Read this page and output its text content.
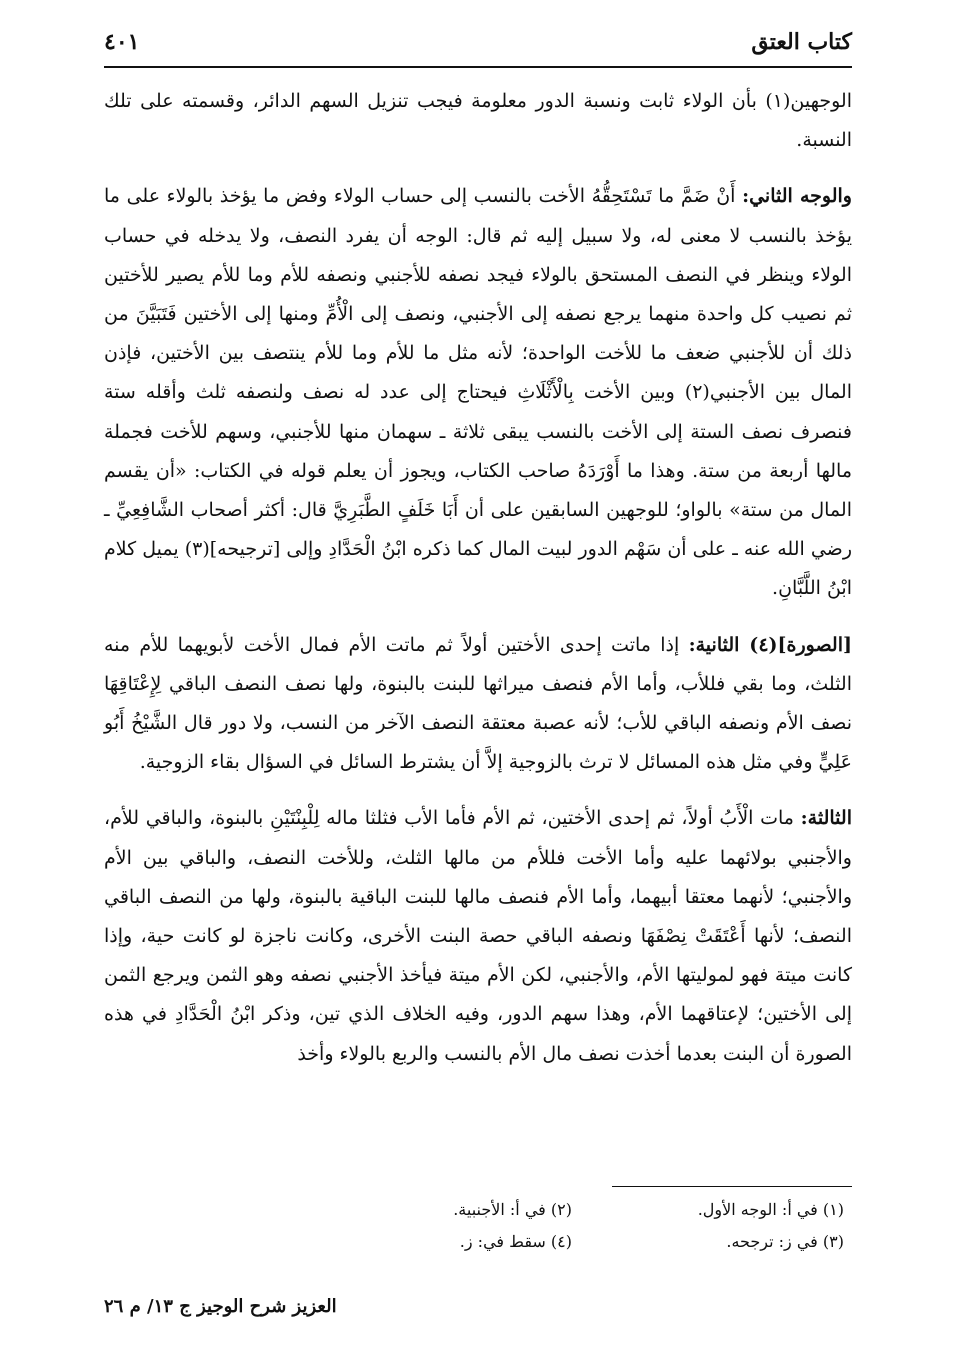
كتاب العتق
٤٠١

الوجهين(١) بأن الولاء ثابت ونسبة الدور معلومة فيجب تنزيل السهم الدائر، وقسمته على تلك النسبة.

والوجه الثاني: أَنْ ضَمَّ ما تَسْتَحِقُّهُ الأخت بالنسب إلى حساب الولاء وفض ما يؤخذ بالولاء على ما يؤخذ بالنسب لا معنى له، ولا سبيل إليه ثم قال: الوجه أن يفرد النصف، ولا يدخله في حساب الولاء وينظر في النصف المستحق بالولاء فيجد نصفه للأجنبي ونصفه للأم وما للأم يصير للأختين ثم نصيب كل واحدة منهما يرجع نصفه إلى الأجنبي، ونصف إلى الْأُمِّ ومنها إلى الأختين فَتَبَيَّنَ من ذلك أن للأجنبي ضعف ما للأخت الواحدة؛ لأنه مثل ما للأم وما للأم ينتصف بين الأختين، فإذن المال بين الأجنبي(٢) وبين الأخت بِالْأَثْلَاثِ فيحتاج إلى عدد له نصف ولنصفه ثلث وأقله ستة فنصرف نصف الستة إلى الأخت بالنسب يبقى ثلاثة ـ سهمان منها للأجنبي، وسهم للأخت فجملة مالها أربعة من ستة. وهذا ما أَوْرَدَهُ صاحب الكتاب، ويجوز أن يعلم قوله في الكتاب: «أن يقسم المال من ستة» بالواو؛ للوجهين السابقين على أن أَبَا خَلَفٍ الطَّبَرِيَّ قال: أكثر أصحاب الشَّافِعِيِّ ـ رضي الله عنه ـ على أن سَهْم الدور لبيت المال كما ذكره ابْنُ الْحَدَّادِ وإلى [ترجيحه](٣) يميل كلام ابْنُ اللَّبَّانِ.

[الصورة](٤) الثانية: إذا ماتت إحدى الأختين أولاً ثم ماتت الأم فمال الأخت لأبويهما للأم منه الثلث، وما بقي فللأب، وأما الأم فنصف ميراثها للبنت بالبنوة، ولها نصف النصف الباقي لِإِعْتَاقِهَا نصف الأم ونصفه الباقي للأب؛ لأنه عصبة معتقة النصف الآخر من النسب، ولا دور قال الشَّيْخُ أَبُو عَلِيٍّ وفي مثل هذه المسائل لا ترث بالزوجية إلاَّ أن يشترط السائل في السؤال بقاء الزوجية.

الثالثة: مات الْأَبُ أولاً، ثم إحدى الأختين، ثم الأم فأما الأب فثلثا ماله لِلْبِنْتَيْنِ بالبنوة، والباقي للأم، والأجنبي بولائهما عليه وأما الأخت فللأم من مالها الثلث، وللأخت النصف، والباقي بين الأم والأجنبي؛ لأنهما معتقا أبيهما، وأما الأم فنصف مالها للبنت الباقية بالبنوة، ولها من النصف الباقي النصف؛ لأنها أَعْتَقَتْ نِصْفَهَا ونصفه الباقي حصة البنت الأخرى، وكانت ناجزة لو كانت حية، وإذا كانت ميتة فهو لموليتها الأم، والأجنبي، لكن الأم ميتة فيأخذ الأجنبي نصفه وهو الثمن ويرجع الثمن إلى الأختين؛ لإعتاقهما الأم، وهذا سهم الدور، وفيه الخلاف الذي تين، وذكر ابْنُ الْحَدَّادِ في هذه الصورة أن البنت بعدما أخذت نصف مال الأم بالنسب والربع بالولاء وأخذ

(١) في أ: الوجه الأول.
(٢) في أ: الأجنبية.
(٣) في ز: ترجحه.
(٤) سقط في: ز.
العزيز شرح الوجيز ج ١٣/ م ٢٦
